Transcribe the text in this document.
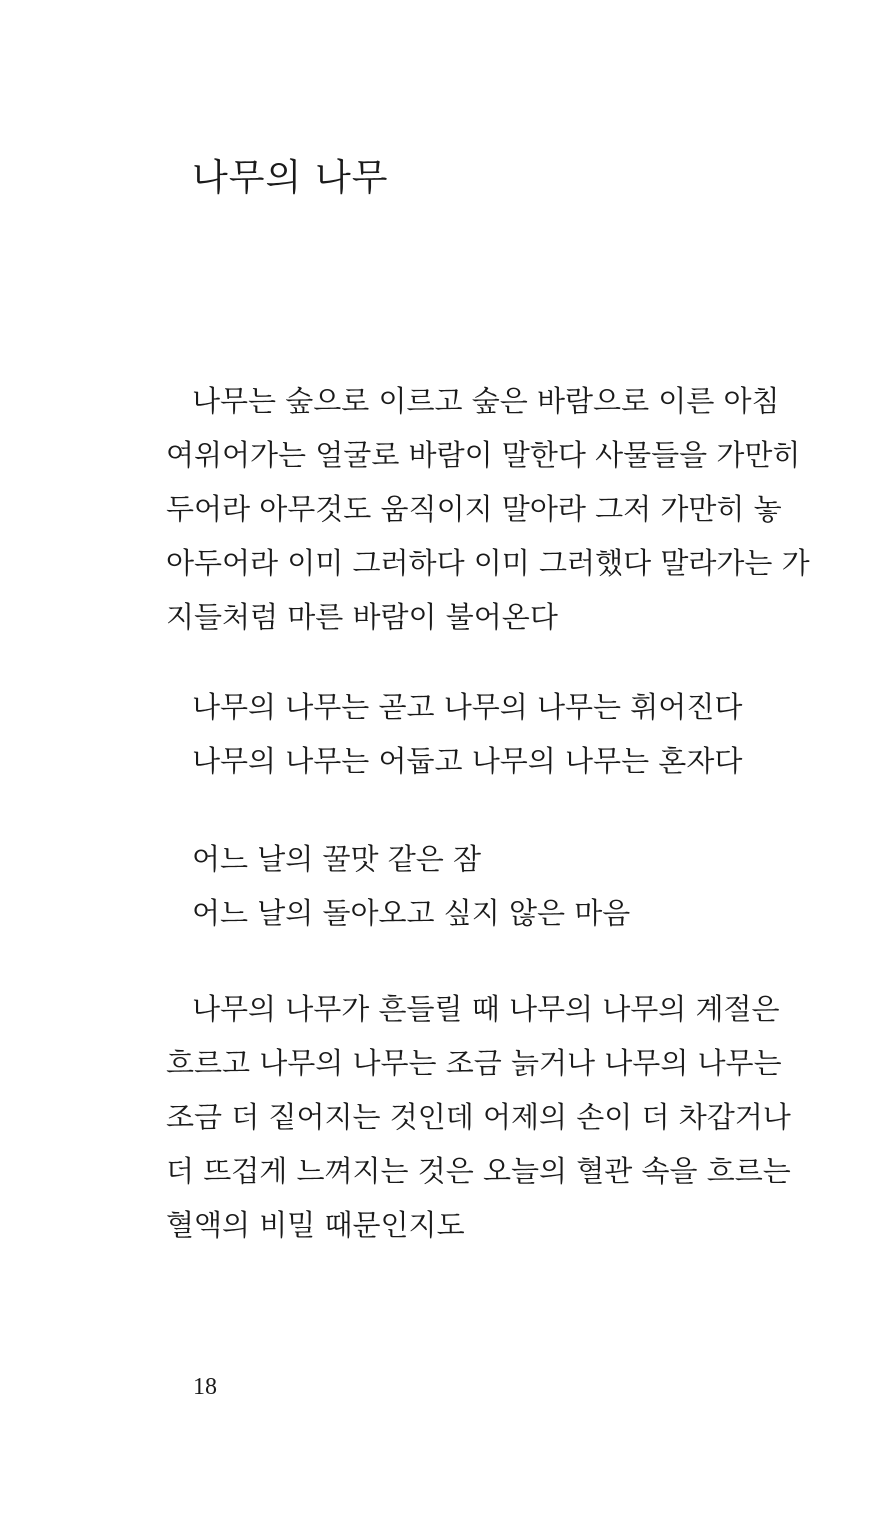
나무의 나무

나무는 숲으로 이르고 숲은 바람으로 이른 아침
여위어가는 얼굴로 바람이 말한다 사물들을 가만히
두어라 아무것도 움직이지 말아라 그저 가만히 놓
아두어라 이미 그러하다 이미 그러했다 말라가는 가
지들처럼 마른 바람이 불어온다

나무의 나무는 곧고 나무의 나무는 휘어진다
나무의 나무는 어둡고 나무의 나무는 혼자다

어느 날의 꿀맛 같은 잠
어느 날의 돌아오고 싶지 않은 마음

나무의 나무가 흔들릴 때 나무의 나무의 계절은
흐르고 나무의 나무는 조금 늙거나 나무의 나무는
조금 더 짙어지는 것인데 어제의 손이 더 차갑거나
더 뜨겁게 느껴지는 것은 오늘의 혈관 속을 흐르는
혈액의 비밀 때문인지도

18
